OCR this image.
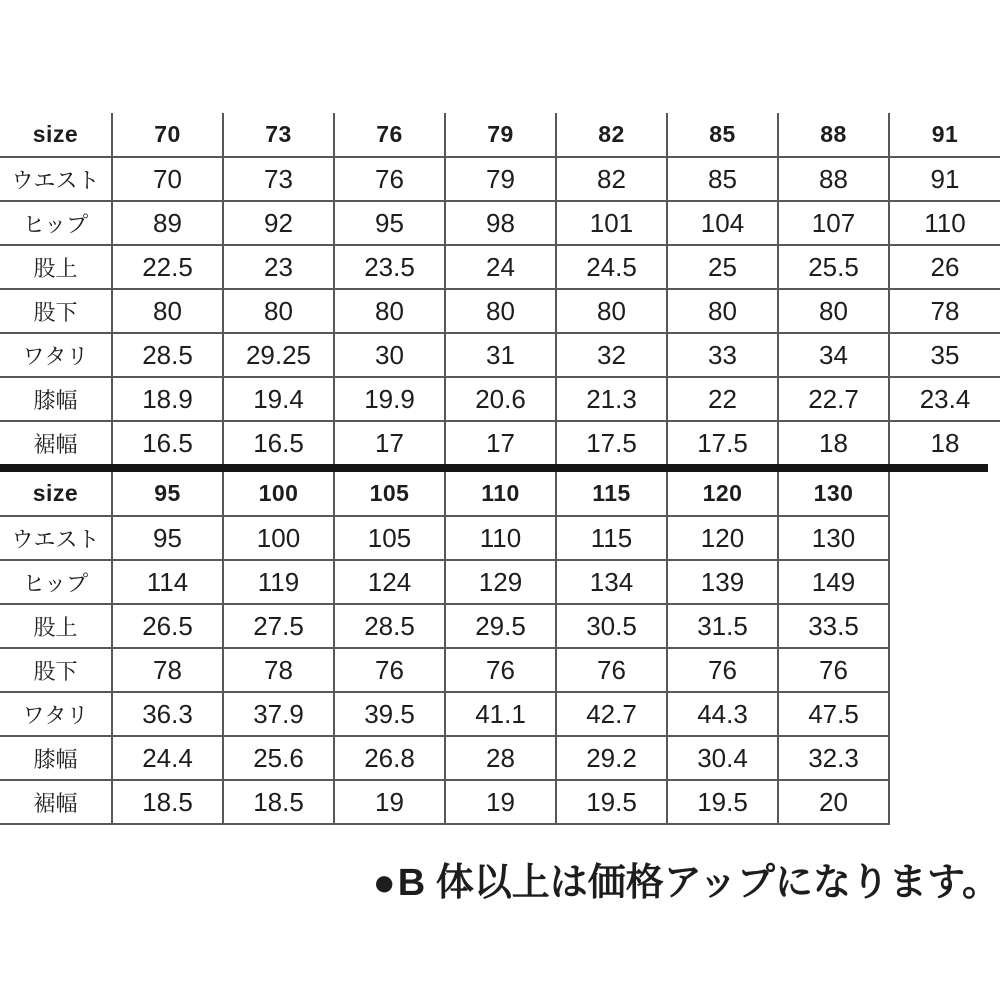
size	70	73	76	79	82	85	88	91
ウエスト	70	73	76	79	82	85	88	91
ヒップ	89	92	95	98	101	104	107	110
股上	22.5	23	23.5	24	24.5	25	25.5	26
股下	80	80	80	80	80	80	80	78
ワタリ	28.5	29.25	30	31	32	33	34	35
膝幅	18.9	19.4	19.9	20.6	21.3	22	22.7	23.4
裾幅	16.5	16.5	17	17	17.5	17.5	18	18
size	95	100	105	110	115	120	130
ウエスト	95	100	105	110	115	120	130
ヒップ	114	119	124	129	134	139	149
股上	26.5	27.5	28.5	29.5	30.5	31.5	33.5
股下	78	78	76	76	76	76	76
ワタリ	36.3	37.9	39.5	41.1	42.7	44.3	47.5
膝幅	24.4	25.6	26.8	28	29.2	30.4	32.3
裾幅	18.5	18.5	19	19	19.5	19.5	20
●B 体以上は価格アップになります。
